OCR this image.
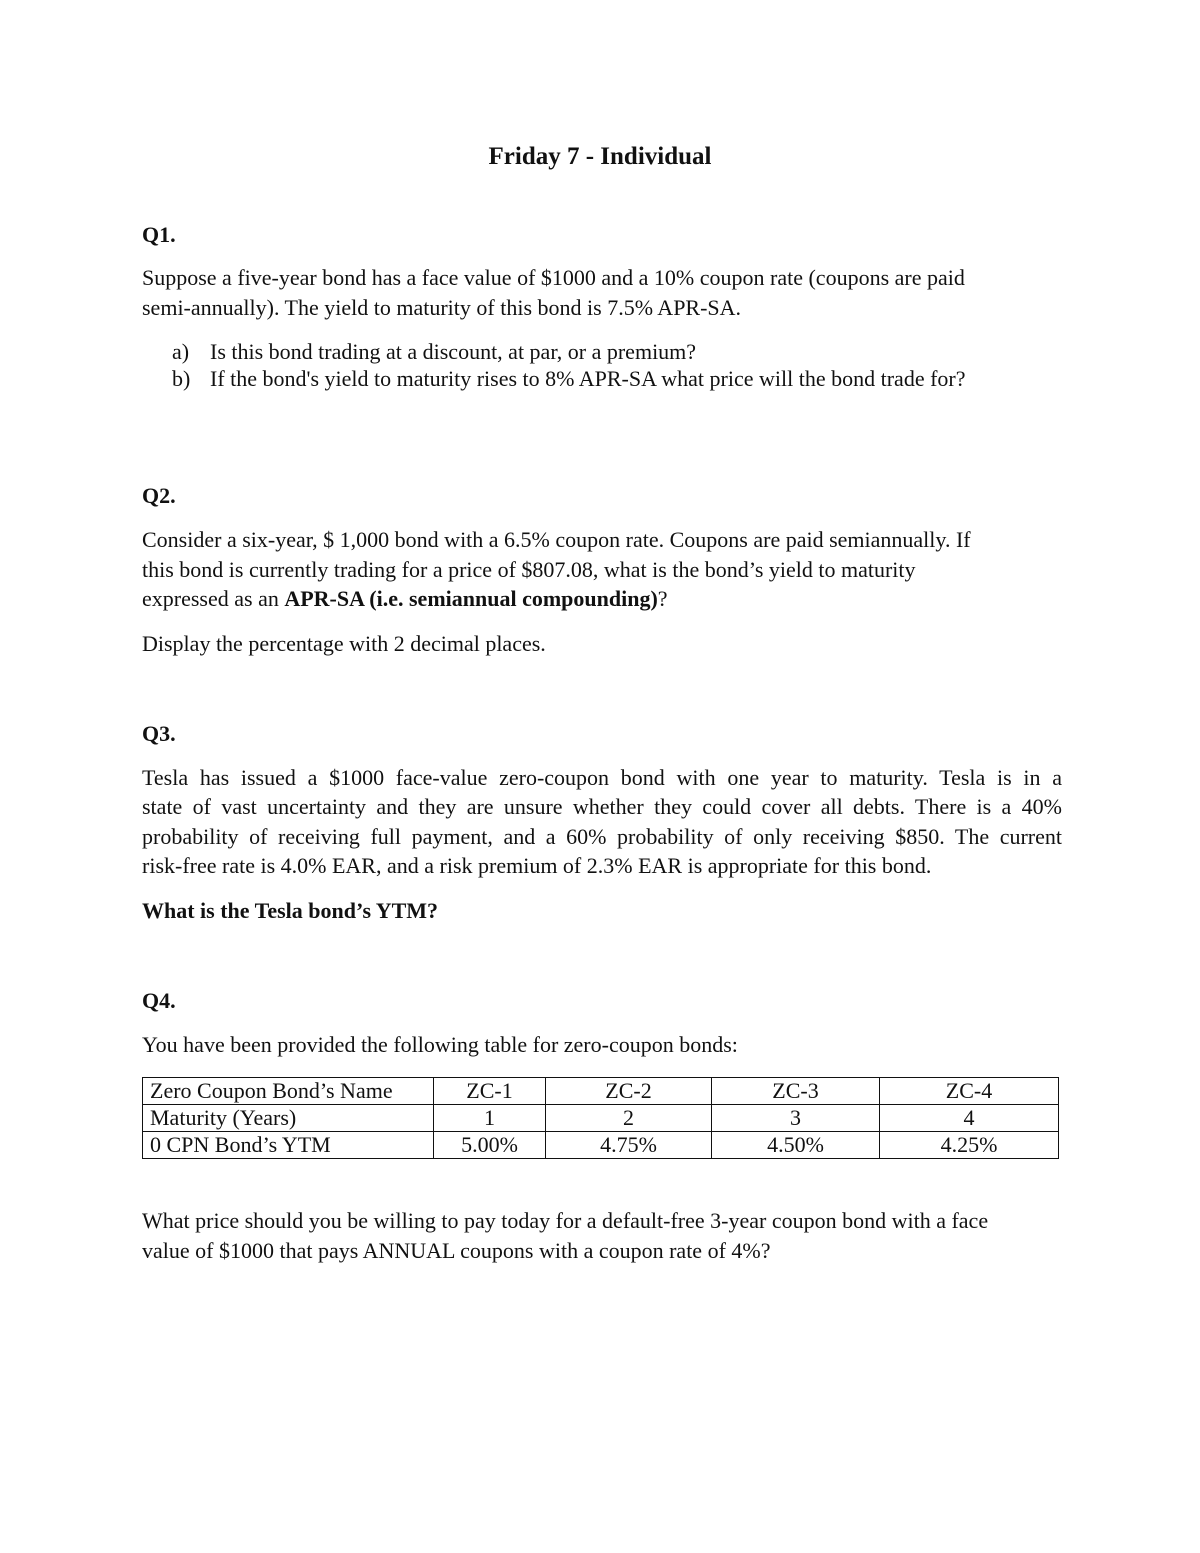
Friday 7 - Individual
Q1.
Suppose a five-year bond has a face value of $1000 and a 10% coupon rate (coupons are paid
semi-annually). The yield to maturity of this bond is 7.5% APR-SA.
a) Is this bond trading at a discount, at par, or a premium?
b) If the bond's yield to maturity rises to 8% APR-SA what price will the bond trade for?
Q2.
Consider a six-year, $ 1,000 bond with a 6.5% coupon rate. Coupons are paid semiannually. If
this bond is currently trading for a price of $807.08, what is the bond’s yield to maturity
expressed as an APR-SA (i.e. semiannual compounding)?
Display the percentage with 2 decimal places.
Q3.
Tesla has issued a $1000 face-value zero-coupon bond with one year to maturity. Tesla is in a
state of vast uncertainty and they are unsure whether they could cover all debts. There is a 40%
probability of receiving full payment, and a 60% probability of only receiving $850. The current
risk-free rate is 4.0% EAR, and a risk premium of 2.3% EAR is appropriate for this bond.
What is the Tesla bond’s YTM?
Q4.
You have been provided the following table for zero-coupon bonds:
Zero Coupon Bond’s Name	ZC-1	ZC-2	ZC-3	ZC-4
Maturity (Years)	1	2	3	4
0 CPN Bond’s YTM	5.00%	4.75%	4.50%	4.25%
What price should you be willing to pay today for a default-free 3-year coupon bond with a face
value of $1000 that pays ANNUAL coupons with a coupon rate of 4%?
